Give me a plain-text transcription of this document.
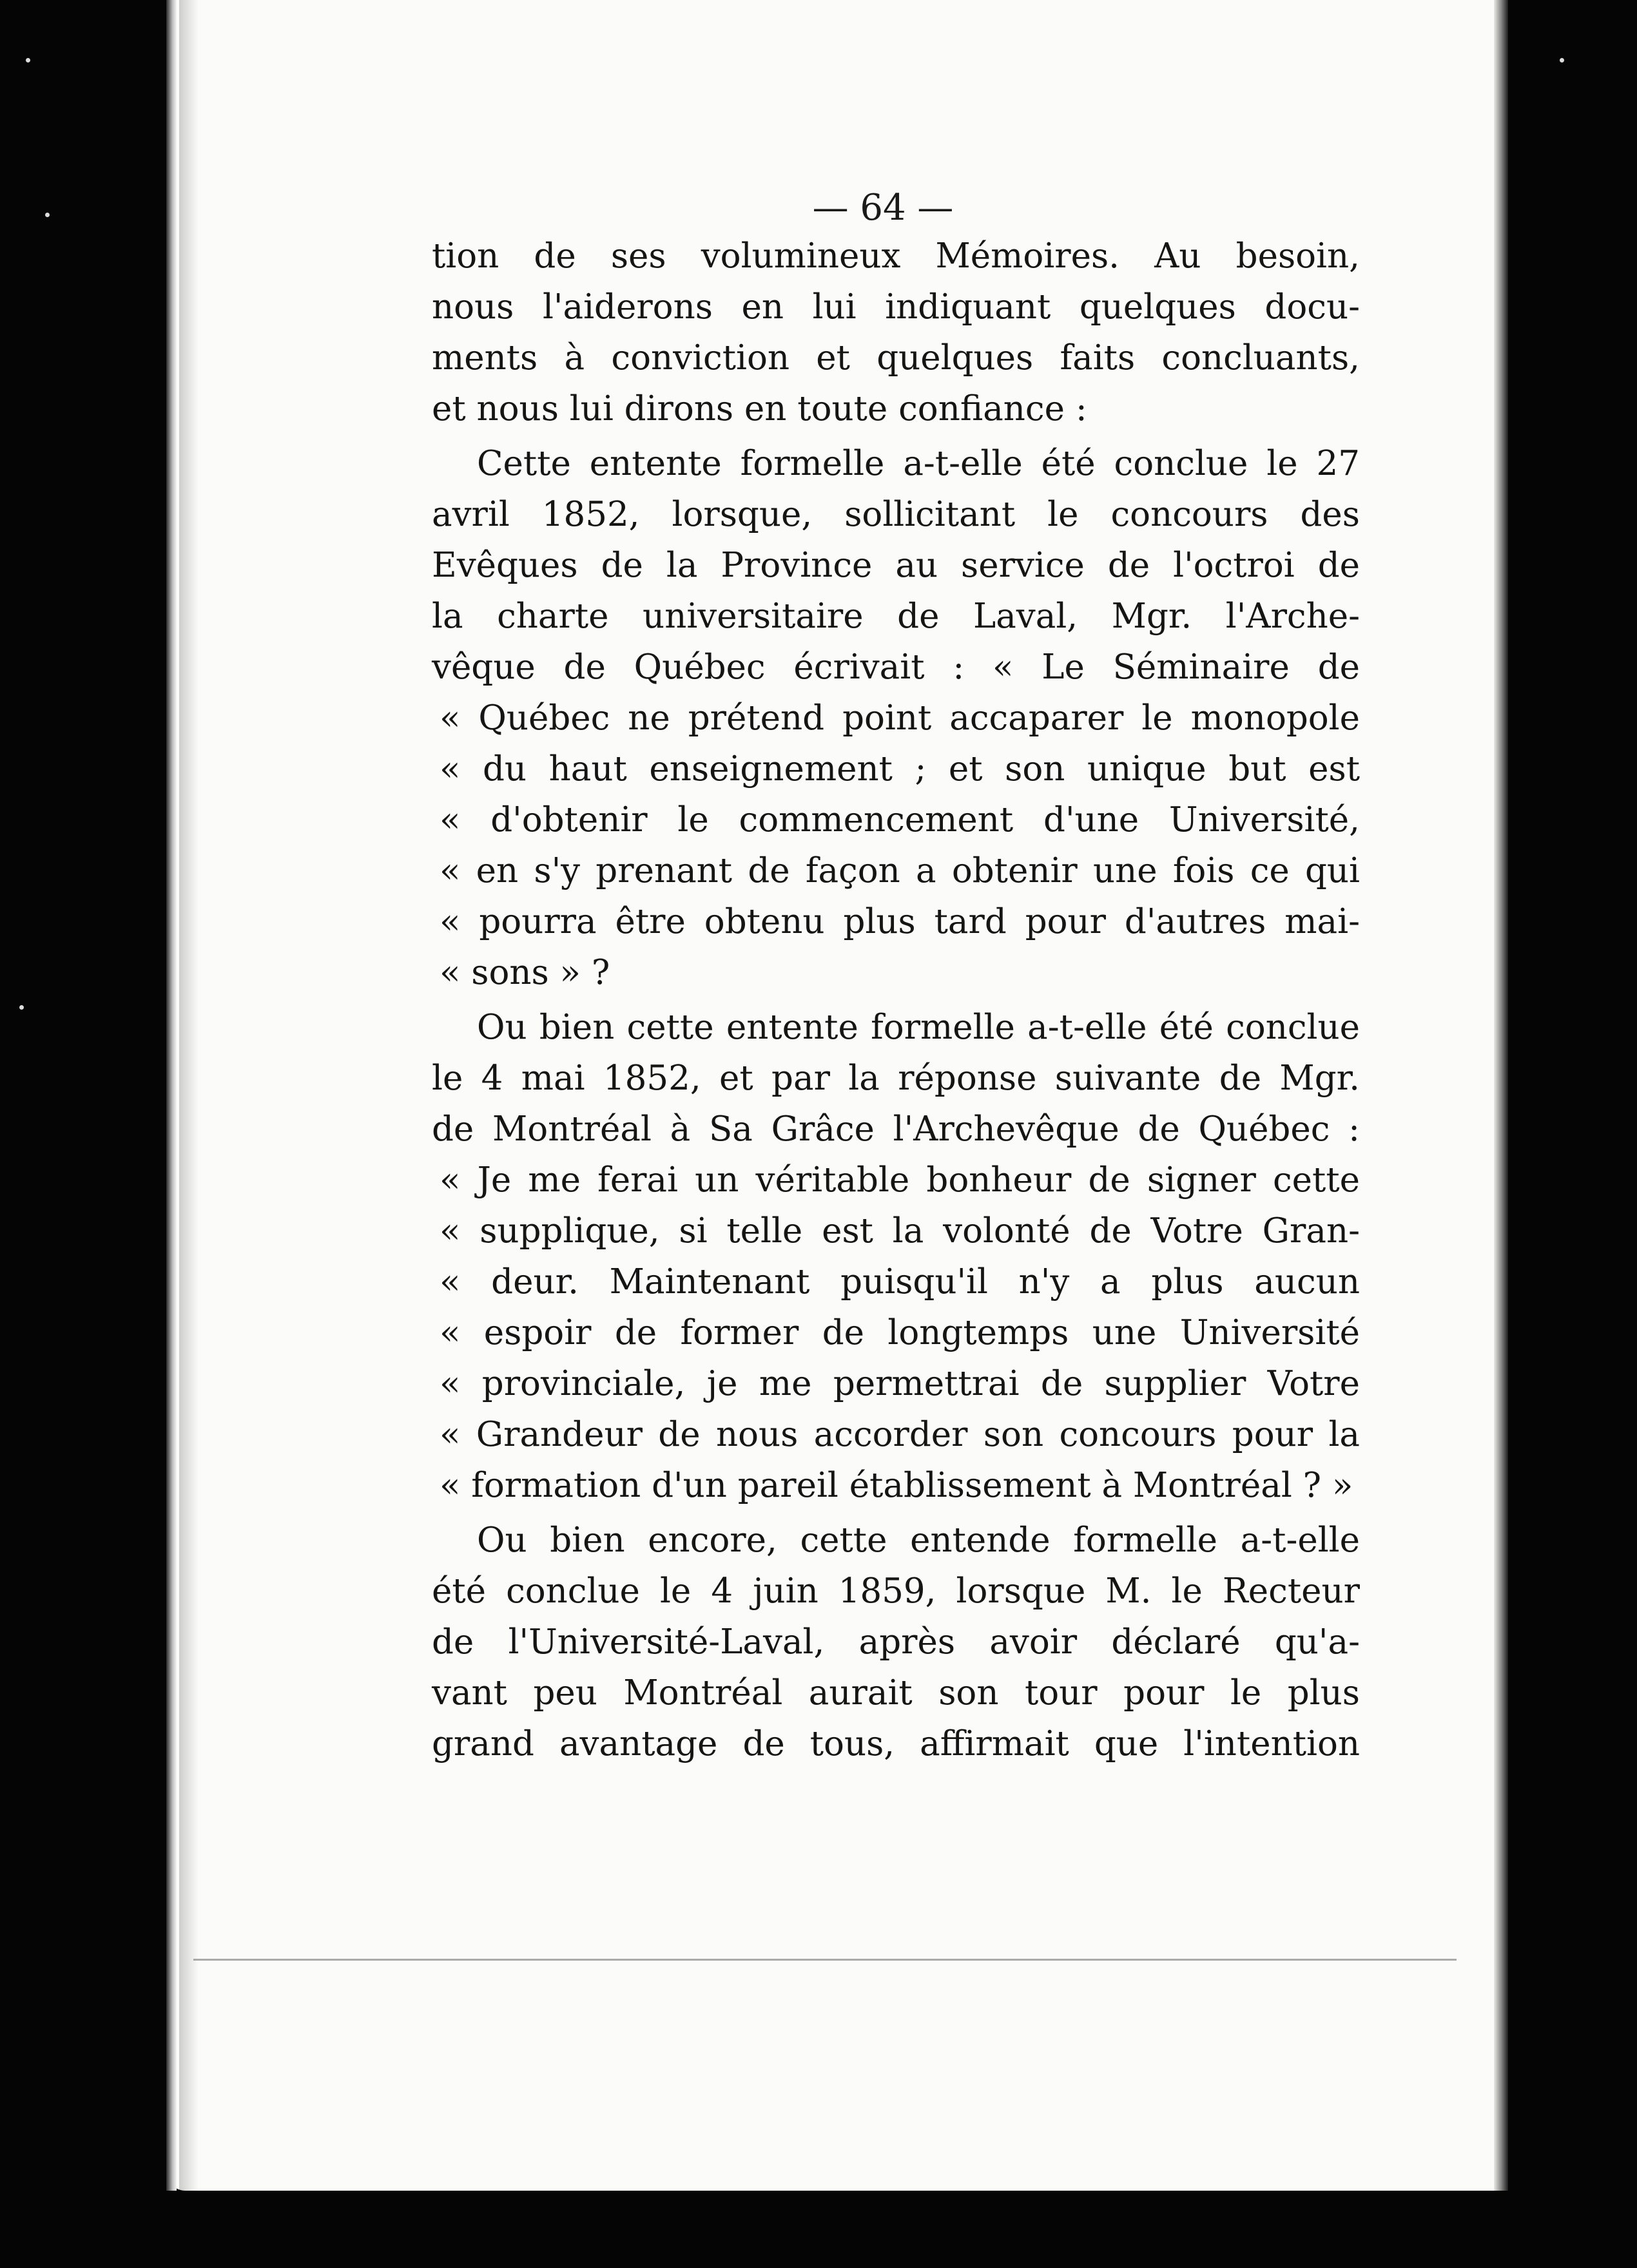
— 64 —
tion de ses volumineux Mémoires. Au besoin,
nous l'aiderons en lui indiquant quelques docu-
ments à conviction et quelques faits concluants,
et nous lui dirons en toute confiance :
Cette entente formelle a-t-elle été conclue le 27
avril 1852, lorsque, sollicitant le concours des
Evêques de la Province au service de l'octroi de
la charte universitaire de Laval, Mgr. l'Arche-
vêque de Québec écrivait : « Le Séminaire de
« Québec ne prétend point accaparer le monopole
« du haut enseignement ; et son unique but est
« d'obtenir le commencement d'une Université,
« en s'y prenant de façon a obtenir une fois ce qui
« pourra être obtenu plus tard pour d'autres mai-
« sons » ?
Ou bien cette entente formelle a-t-elle été conclue
le 4 mai 1852, et par la réponse suivante de Mgr.
de Montréal à Sa Grâce l'Archevêque de Québec :
« Je me ferai un véritable bonheur de signer cette
« supplique, si telle est la volonté de Votre Gran-
« deur. Maintenant puisqu'il n'y a plus aucun
« espoir de former de longtemps une Université
« provinciale, je me permettrai de supplier Votre
« Grandeur de nous accorder son concours pour la
« formation d'un pareil établissement à Montréal ? »
Ou bien encore, cette entende formelle a-t-elle
été conclue le 4 juin 1859, lorsque M. le Recteur
de l'Université-Laval, après avoir déclaré qu'a-
vant peu Montréal aurait son tour pour le plus
grand avantage de tous, affirmait que l'intention
